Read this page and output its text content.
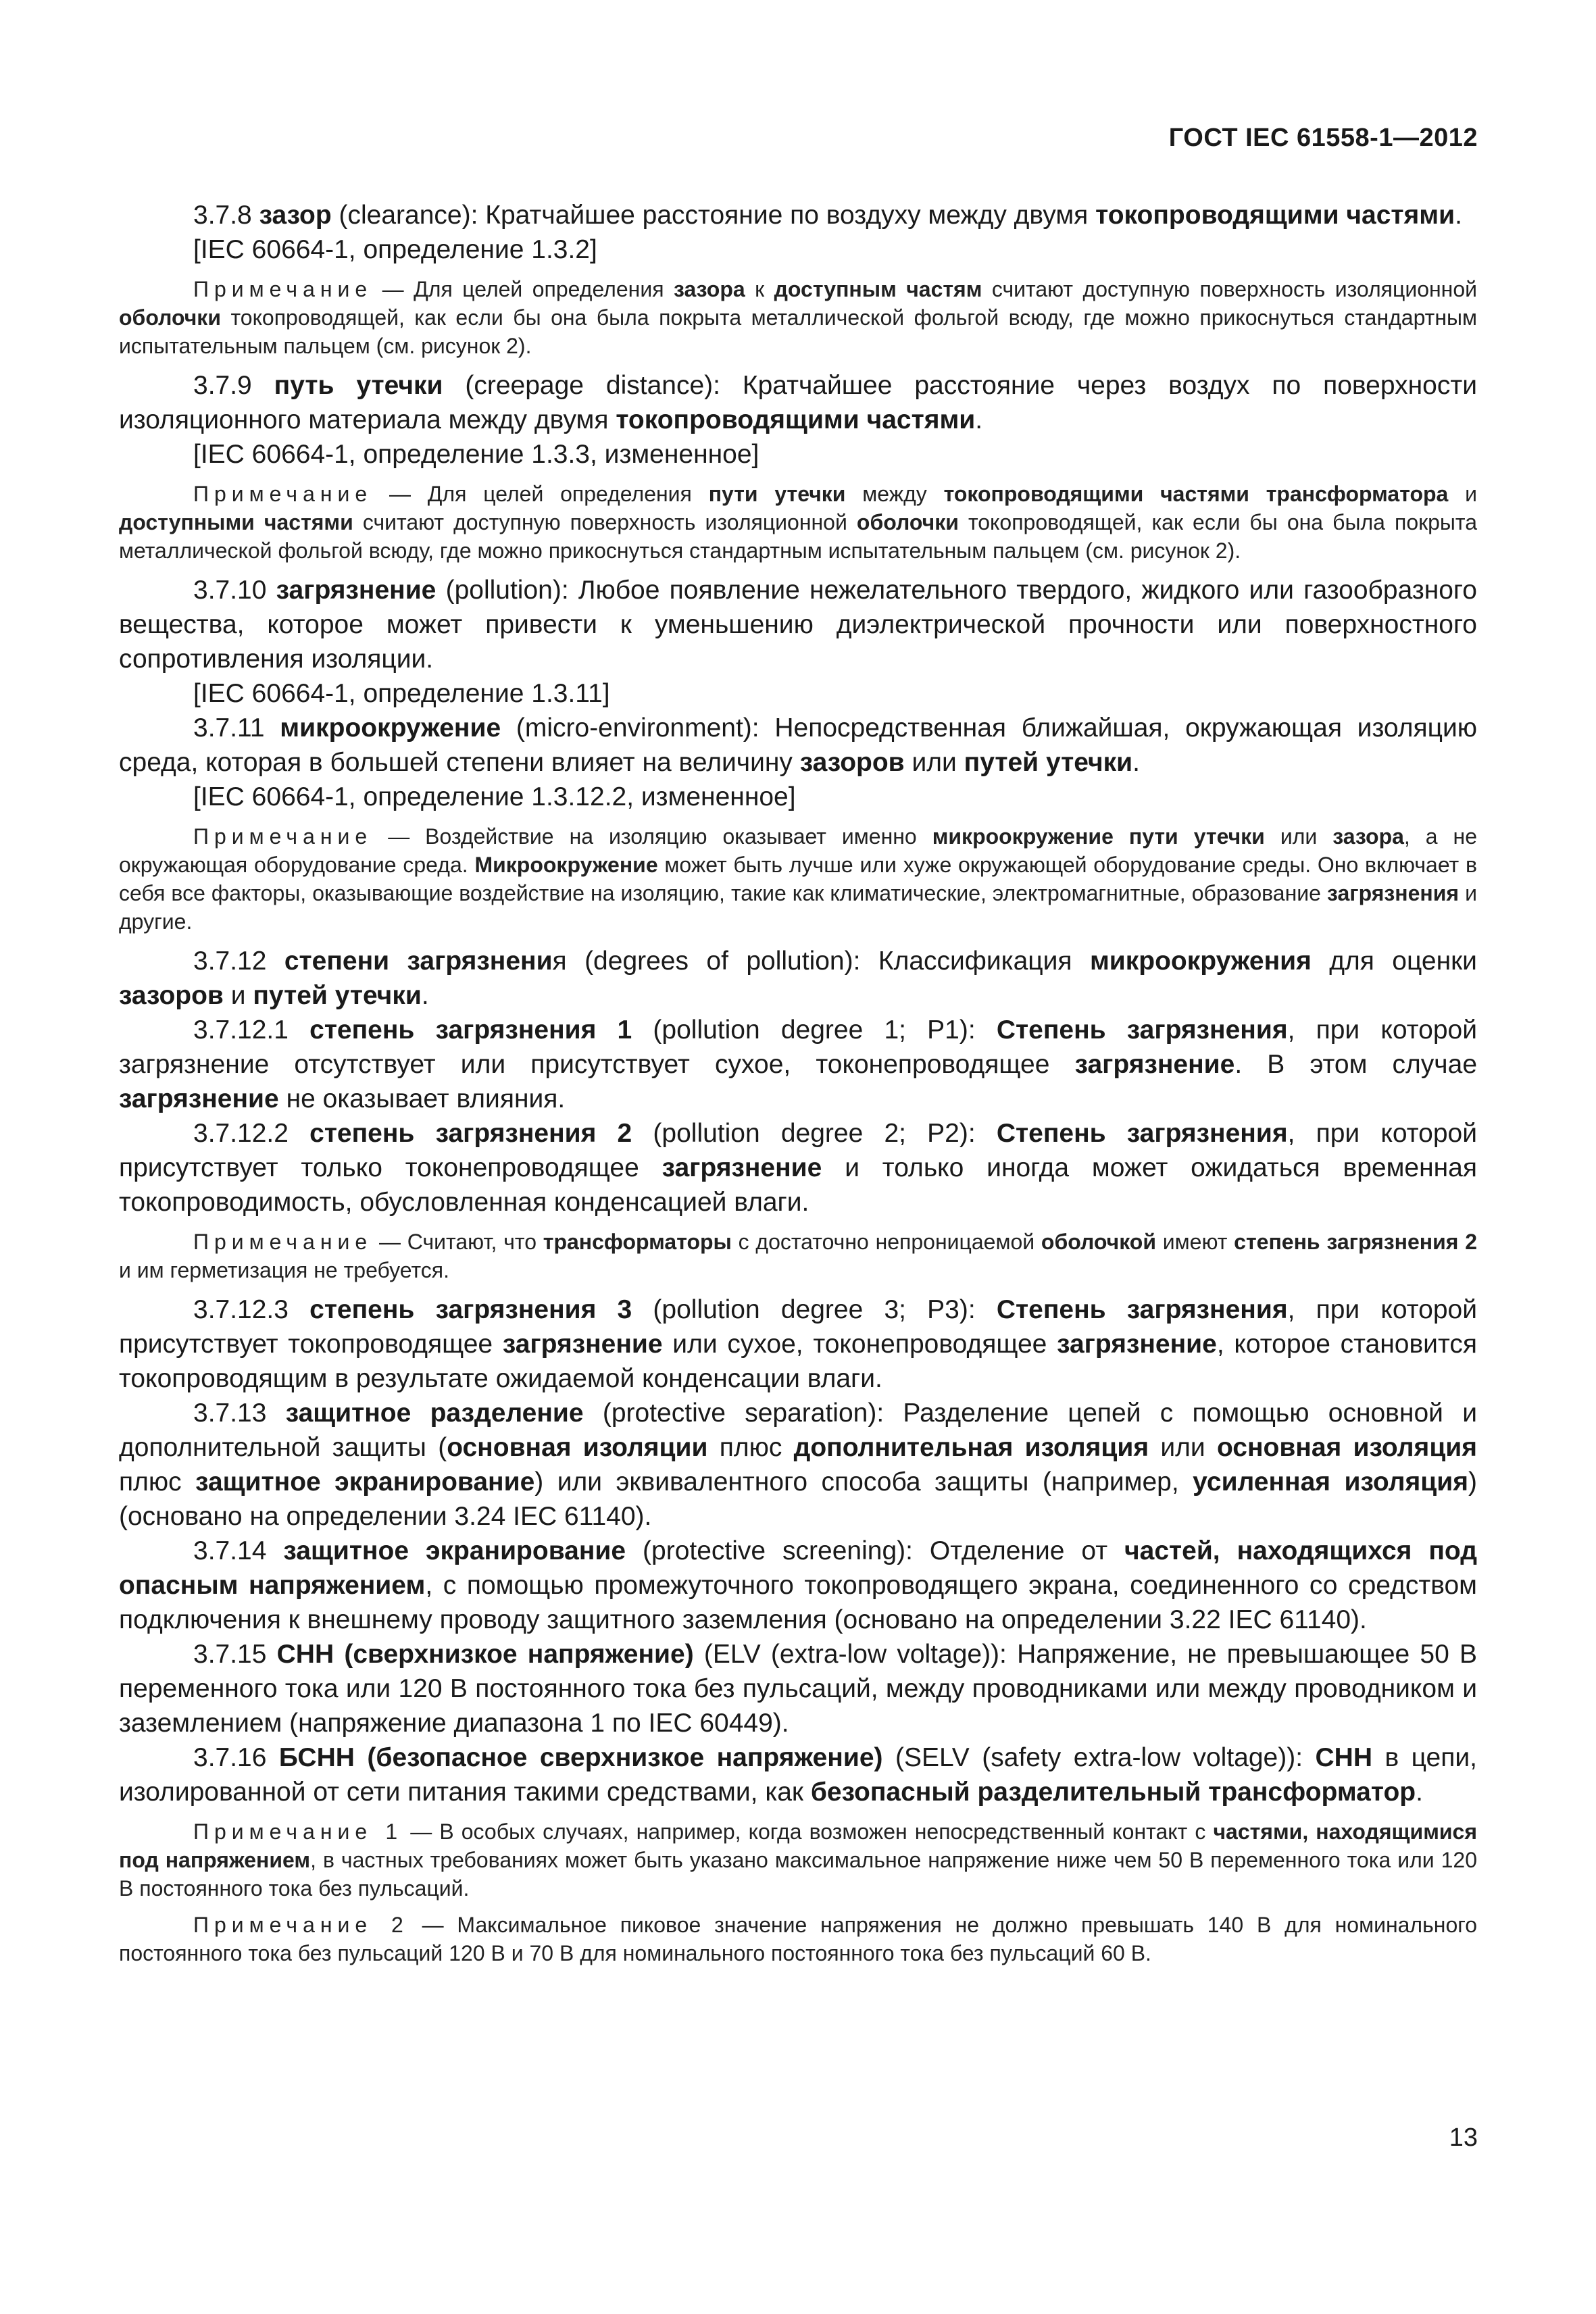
ГОСТ IEC 61558-1—2012

3.7.8 зазор (clearance): Кратчайшее расстояние по воздуху между двумя токопроводящими частями.

[IEC 60664-1, определение 1.3.2]

Примечание — Для целей определения зазора к доступным частям считают доступную поверхность изоляционной оболочки токопроводящей, как если бы она была покрыта металлической фольгой всюду, где можно прикоснуться стандартным испытательным пальцем (см. рисунок 2).

3.7.9 путь утечки (creepage distance): Кратчайшее расстояние через воздух по поверхности изоляционного материала между двумя токопроводящими частями.

[IEC 60664-1, определение 1.3.3, измененное]

Примечание — Для целей определения пути утечки между токопроводящими частями трансформатора и доступными частями считают доступную поверхность изоляционной оболочки токопроводящей, как если бы она была покрыта металлической фольгой всюду, где можно прикоснуться стандартным испытательным пальцем (см. рисунок 2).

3.7.10 загрязнение (pollution): Любое появление нежелательного твердого, жидкого или газообразного вещества, которое может привести к уменьшению диэлектрической прочности или поверхностного сопротивления изоляции.

[IEC 60664-1, определение 1.3.11]

3.7.11 микроокружение (micro-environment): Непосредственная ближайшая, окружающая изоляцию среда, которая в большей степени влияет на величину зазоров или путей утечки.

[IEC 60664-1, определение 1.3.12.2, измененное]

Примечание — Воздействие на изоляцию оказывает именно микроокружение пути утечки или зазора, а не окружающая оборудование среда. Микроокружение может быть лучше или хуже окружающей оборудование среды. Оно включает в себя все факторы, оказывающие воздействие на изоляцию, такие как климатические, электромагнитные, образование загрязнения и другие.

3.7.12 степени загрязнения (degrees of pollution): Классификация микроокружения для оценки зазоров и путей утечки.

3.7.12.1 степень загрязнения 1 (pollution degree 1; P1): Степень загрязнения, при которой загрязнение отсутствует или присутствует сухое, токонепроводящее загрязнение. В этом случае загрязнение не оказывает влияния.

3.7.12.2 степень загрязнения 2 (pollution degree 2; P2): Степень загрязнения, при которой присутствует только токонепроводящее загрязнение и только иногда может ожидаться временная токопроводимость, обусловленная конденсацией влаги.

Примечание — Считают, что трансформаторы с достаточно непроницаемой оболочкой имеют степень загрязнения 2 и им герметизация не требуется.

3.7.12.3 степень загрязнения 3 (pollution degree 3; P3): Степень загрязнения, при которой присутствует токопроводящее загрязнение или сухое, токонепроводящее загрязнение, которое становится токопроводящим в результате ожидаемой конденсации влаги.

3.7.13 защитное разделение (protective separation): Разделение цепей с помощью основной и дополнительной защиты (основная изоляции плюс дополнительная изоляция или основная изоляция плюс защитное экранирование) или эквивалентного способа защиты (например, усиленная изоляция) (основано на определении 3.24 IEC 61140).

3.7.14 защитное экранирование (protective screening): Отделение от частей, находящихся под опасным напряжением, с помощью промежуточного токопроводящего экрана, соединенного со средством подключения к внешнему проводу защитного заземления (основано на определении 3.22 IEC 61140).

3.7.15 СНН (сверхнизкое напряжение) (ELV (extra-low voltage)): Напряжение, не превышающее 50 В переменного тока или 120 В постоянного тока без пульсаций, между проводниками или между проводником и заземлением (напряжение диапазона 1 по IEC 60449).

3.7.16 БСНН (безопасное сверхнизкое напряжение) (SELV (safety extra-low voltage)): СНН в цепи, изолированной от сети питания такими средствами, как безопасный разделительный трансформатор.

Примечание 1 — В особых случаях, например, когда возможен непосредственный контакт с частями, находящимися под напряжением, в частных требованиях может быть указано максимальное напряжение ниже чем 50 В переменного тока или 120 В постоянного тока без пульсаций.

Примечание 2 — Максимальное пиковое значение напряжения не должно превышать 140 В для номинального постоянного тока без пульсаций 120 В и 70 В для номинального постоянного тока без пульсаций 60 В.

13
